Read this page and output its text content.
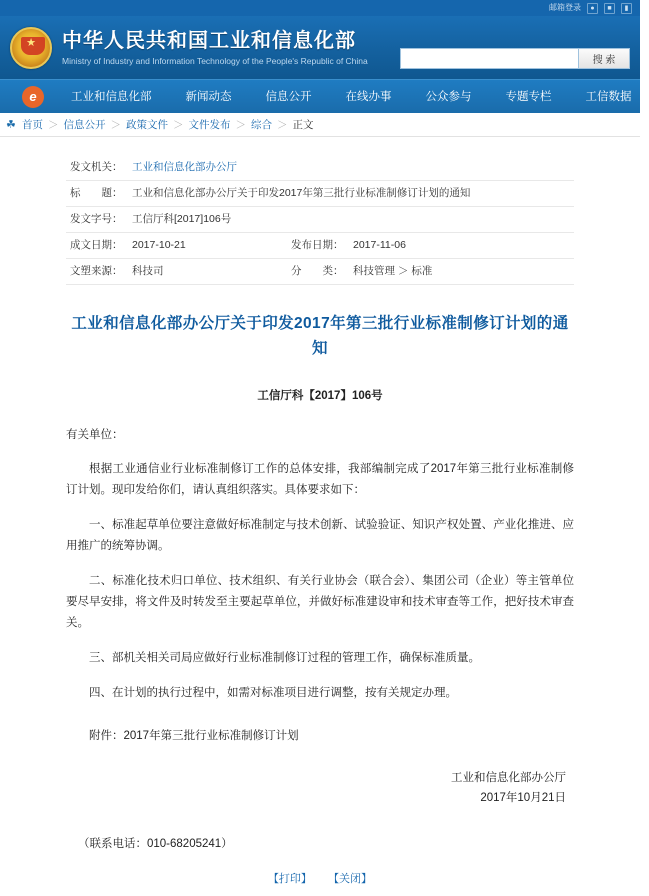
邮箱登录	●	■	▮
★
中华人民共和国工业和信息化部
Ministry of Industry and Information Technology of the People's Republic of China	搜 索
e
工业和信息化部	新闻动态	信息公开	在线办事	公众参与	专题专栏	工信数据
☘ 首页 ＞ 信息公开 ＞ 政策文件 ＞ 文件发布 ＞ 综合 ＞ 正文
发文机关：	工业和信息化部办公厅		
标　　题：	工业和信息化部办公厅关于印发2017年第三批行业标准制修订计划的通知		
发文字号：	工信厅科[2017]106号		
成文日期：	2017-10-21	发布日期：	2017-11-06
文塑来源：	科技司	分　　类：	科技管理 ＞ 标准
工业和信息化部办公厅关于印发2017年第三批行业标准制修订计划的通知
工信厅科【2017】106号
有关单位：

根据工业通信业行业标准制修订工作的总体安排，我部编制完成了2017年第三批行业标准制修订计划。现印发给你们，请认真组织落实。具体要求如下：

一、标准起草单位要注意做好标准制定与技术创新、试验验证、知识产权处置、产业化推进、应用推广的统筹协调。

二、标准化技术归口单位、技术组织、有关行业协会（联合会）、集团公司（企业）等主管单位要尽早安排，将文件及时转发至主要起草单位，并做好标准建设审和技术审查等工作，把好技术审查关。

三、部机关相关司局应做好行业标准制修订过程的管理工作，确保标准质量。

四、在计划的执行过程中，如需对标准项目进行调整，按有关规定办理。

附件：2017年第三批行业标准制修订计划
工业和信息化部办公厅
2017年10月21日
（联系电话：010-68205241）
【打印】 【关闭】
